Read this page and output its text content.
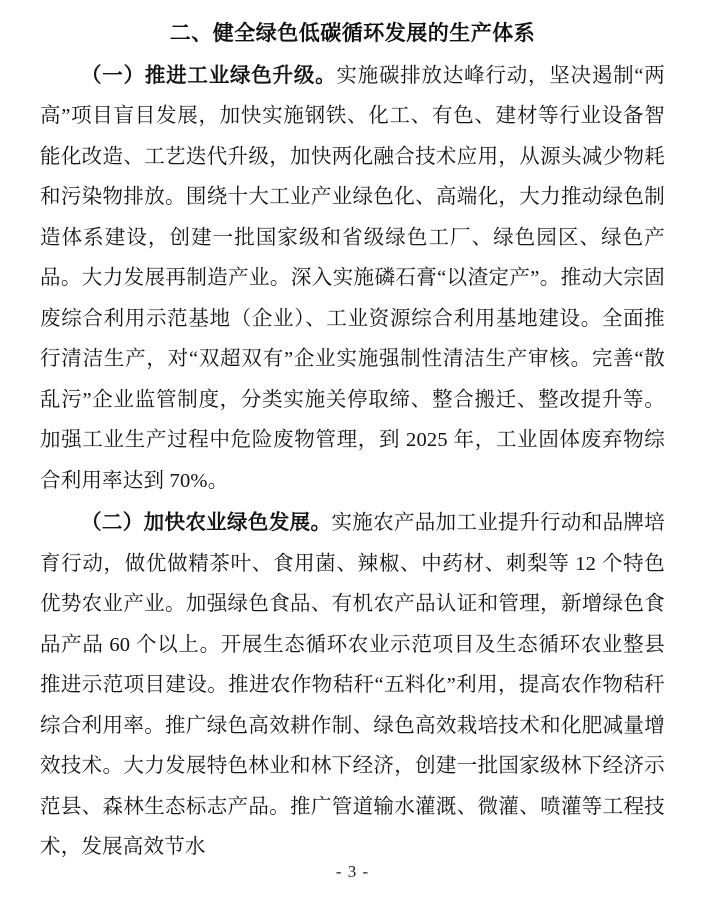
二、健全绿色低碳循环发展的生产体系

（一）推进工业绿色升级。实施碳排放达峰行动，坚决遏制“两高”项目盲目发展，加快实施钢铁、化工、有色、建材等行业设备智能化改造、工艺迭代升级，加快两化融合技术应用，从源头减少物耗和污染物排放。围绕十大工业产业绿色化、高端化，大力推动绿色制造体系建设，创建一批国家级和省级绿色工厂、绿色园区、绿色产品。大力发展再制造产业。深入实施磷石膏“以渣定产”。推动大宗固废综合利用示范基地（企业）、工业资源综合利用基地建设。全面推行清洁生产，对“双超双有”企业实施强制性清洁生产审核。完善“散乱污”企业监管制度，分类实施关停取缔、整合搬迁、整改提升等。加强工业生产过程中危险废物管理，到 2025 年，工业固体废弃物综合利用率达到 70%。

（二）加快农业绿色发展。实施农产品加工业提升行动和品牌培育行动，做优做精茶叶、食用菌、辣椒、中药材、刺梨等 12 个特色优势农业产业。加强绿色食品、有机农产品认证和管理，新增绿色食品产品 60 个以上。开展生态循环农业示范项目及生态循环农业整县推进示范项目建设。推进农作物秸秆“五料化”利用，提高农作物秸秆综合利用率。推广绿色高效耕作制、绿色高效栽培技术和化肥减量增效技术。大力发展特色林业和林下经济，创建一批国家级林下经济示范县、森林生态标志产品。推广管道输水灌溉、微灌、喷灌等工程技术，发展高效节水

- 3 -
